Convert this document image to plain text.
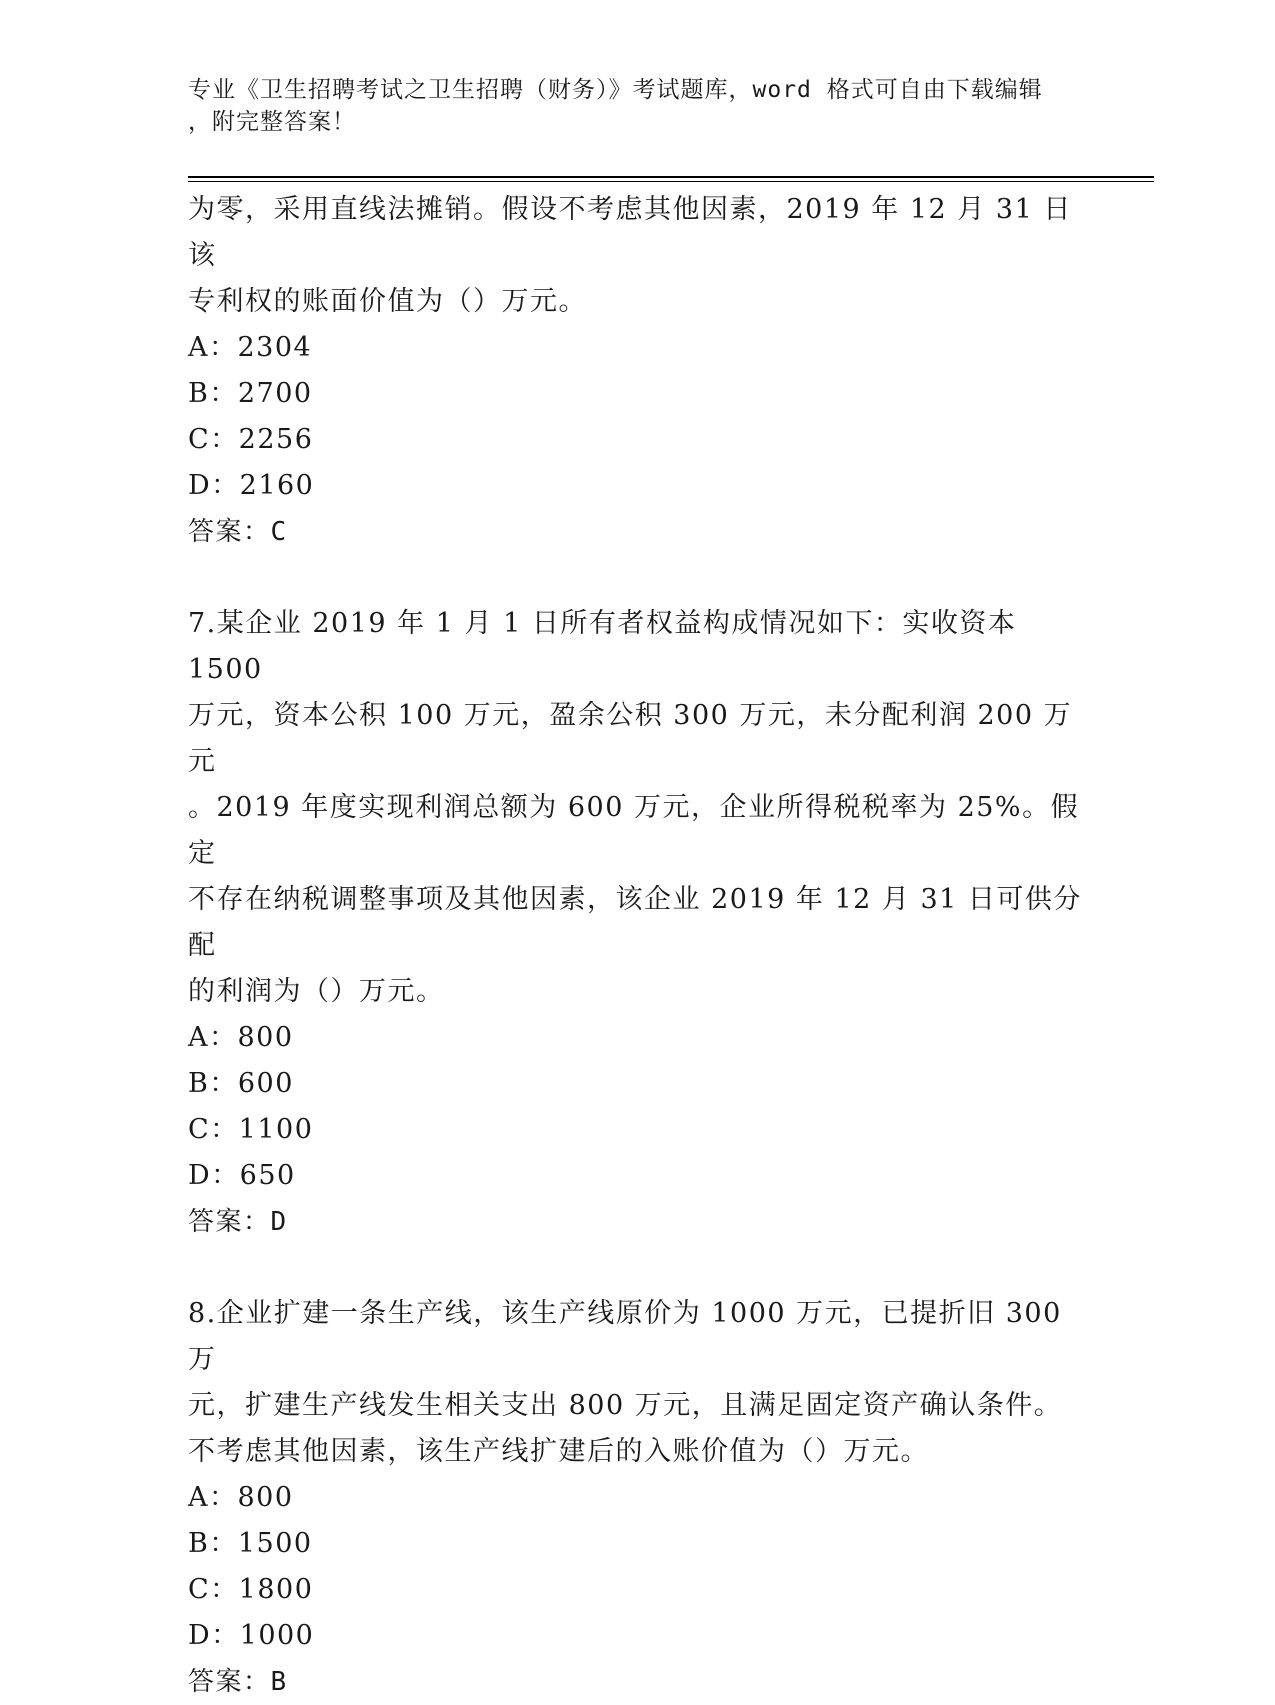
专业《卫生招聘考试之卫生招聘（财务）》考试题库，word 格式可自由下载编辑
，附完整答案！

为零，采用直线法摊销。假设不考虑其他因素，2019 年 12 月 31 日该

专利权的账面价值为（）万元。

A：2304

B：2700

C：2256

D：2160

答案：C

7.某企业 2019 年 1 月 1 日所有者权益构成情况如下：实收资本 1500

万元，资本公积 100 万元，盈余公积 300 万元，未分配利润 200 万元

。2019 年度实现利润总额为 600 万元，企业所得税税率为 25%。假定

不存在纳税调整事项及其他因素，该企业 2019 年 12 月 31 日可供分配

的利润为（）万元。

A：800

B：600

C：1100

D：650

答案：D

8.企业扩建一条生产线，该生产线原价为 1000 万元，已提折旧 300 万

元，扩建生产线发生相关支出 800 万元，且满足固定资产确认条件。

不考虑其他因素，该生产线扩建后的入账价值为（）万元。

A：800

B：1500

C：1800

D：1000

答案：B
